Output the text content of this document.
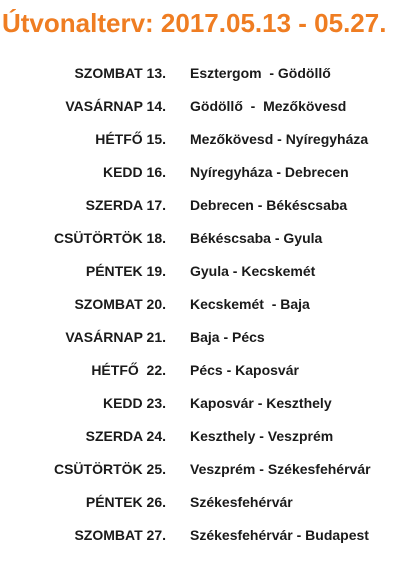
Útvonalterv: 2017.05.13 - 05.27.
SZOMBAT 13. Esztergom  - Gödöllő
VASÁRNAP 14. Gödöllő  -  Mezőkövesd
HÉTFŐ 15. Mezőkövesd - Nyíregyháza
KEDD 16. Nyíregyháza - Debrecen
SZERDA 17. Debrecen - Békéscsaba
CSÜTÖRTÖK 18. Békéscsaba - Gyula
PÉNTEK 19. Gyula - Kecskemét
SZOMBAT 20. Kecskemét  - Baja
VASÁRNAP 21. Baja - Pécs
HÉTFŐ  22. Pécs - Kaposvár
KEDD 23. Kaposvár - Keszthely
SZERDA 24. Keszthely - Veszprém
CSÜTÖRTÖK 25. Veszprém - Székesfehérvár
PÉNTEK 26. Székesfehérvár
SZOMBAT 27. Székesfehérvár - Budapest
